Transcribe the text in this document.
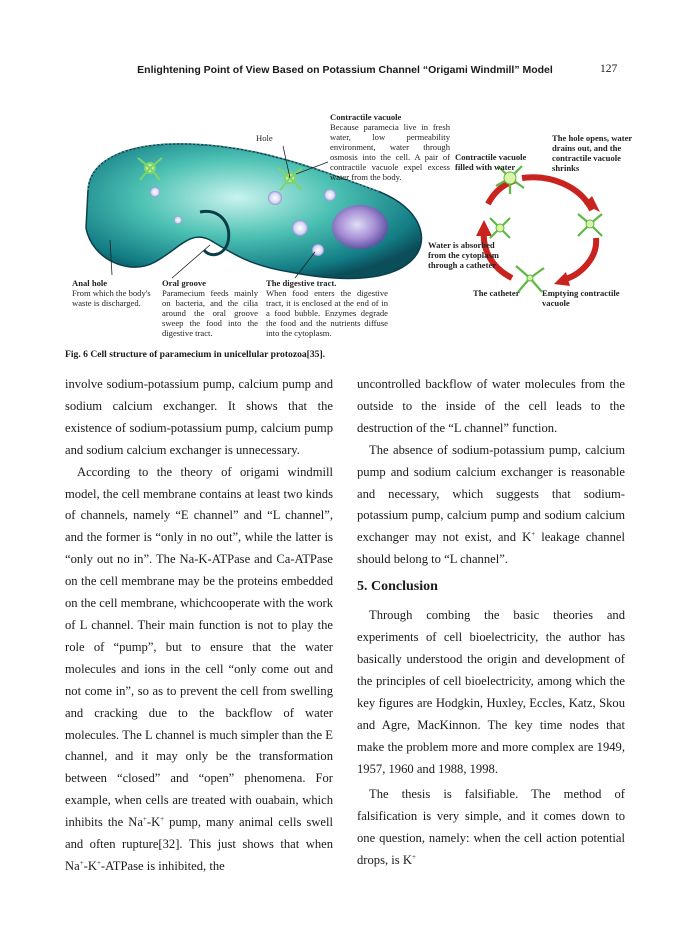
Enlightening Point of View Based on Potassium Channel “Origami Windmill” Model	127
Hole
Contractile vacuole
Because paramecia live in fresh water, low permeability environment, water through osmosis into the cell. A pair of contractile vacuole expel excess water from the body.
Contractile vacuole filled with water
The hole opens, water drains out, and the contractile vacuole shrinks
Water is absorbed from the cytoplasm through a catheter
The catheter	Emptying contractile vacuole
Anal hole
From which the body's waste is discharged.
Oral groove
Paramecium feeds mainly on bacteria, and the cilia around the oral groove sweep the food into the digestive tract.
The digestive tract.
When food enters the digestive tract, it is enclosed at the end of in a food bubble. Enzymes degrade the food and the nutrients diffuse into the cytoplasm.
Fig. 6 Cell structure of paramecium in unicellular protozoa[35].

involve sodium-potassium pump, calcium pump and sodium calcium exchanger. It shows that the existence of sodium-potassium pump, calcium pump and sodium calcium exchanger is unnecessary.

According to the theory of origami windmill model, the cell membrane contains at least two kinds of channels, namely “E channel” and “L channel”, and the former is “only in no out”, while the latter is “only out no in”. The Na-K-ATPase and Ca-ATPase on the cell membrane may be the proteins embedded on the cell membrane, whichcooperate with the work of L channel. Their main function is not to play the role of “pump”, but to ensure that the water molecules and ions in the cell “only come out and not come in”, so as to prevent the cell from swelling and cracking due to the backflow of water molecules. The L channel is much simpler than the E channel, and it may only be the transformation between “closed” and “open” phenomena. For example, when cells are treated with ouabain, which inhibits the Na+-K+ pump, many animal cells swell and often rupture[32]. This just shows that when Na+-K+-ATPase is inhibited, the

uncontrolled backflow of water molecules from the outside to the inside of the cell leads to the destruction of the “L channel” function.

The absence of sodium-potassium pump, calcium pump and sodium calcium exchanger is reasonable and necessary, which suggests that sodium-potassium pump, calcium pump and sodium calcium exchanger may not exist, and K+ leakage channel should belong to “L channel”.

5. Conclusion

Through combing the basic theories and experiments of cell bioelectricity, the author has basically understood the origin and development of the principles of cell bioelectricity, among which the key figures are Hodgkin, Huxley, Eccles, Katz, Skou and Agre, MacKinnon. The key time nodes that make the problem more and more complex are 1949, 1957, 1960 and 1988, 1998.

The thesis is falsifiable. The method of falsification is very simple, and it comes down to one question, namely: when the cell action potential drops, is K+
